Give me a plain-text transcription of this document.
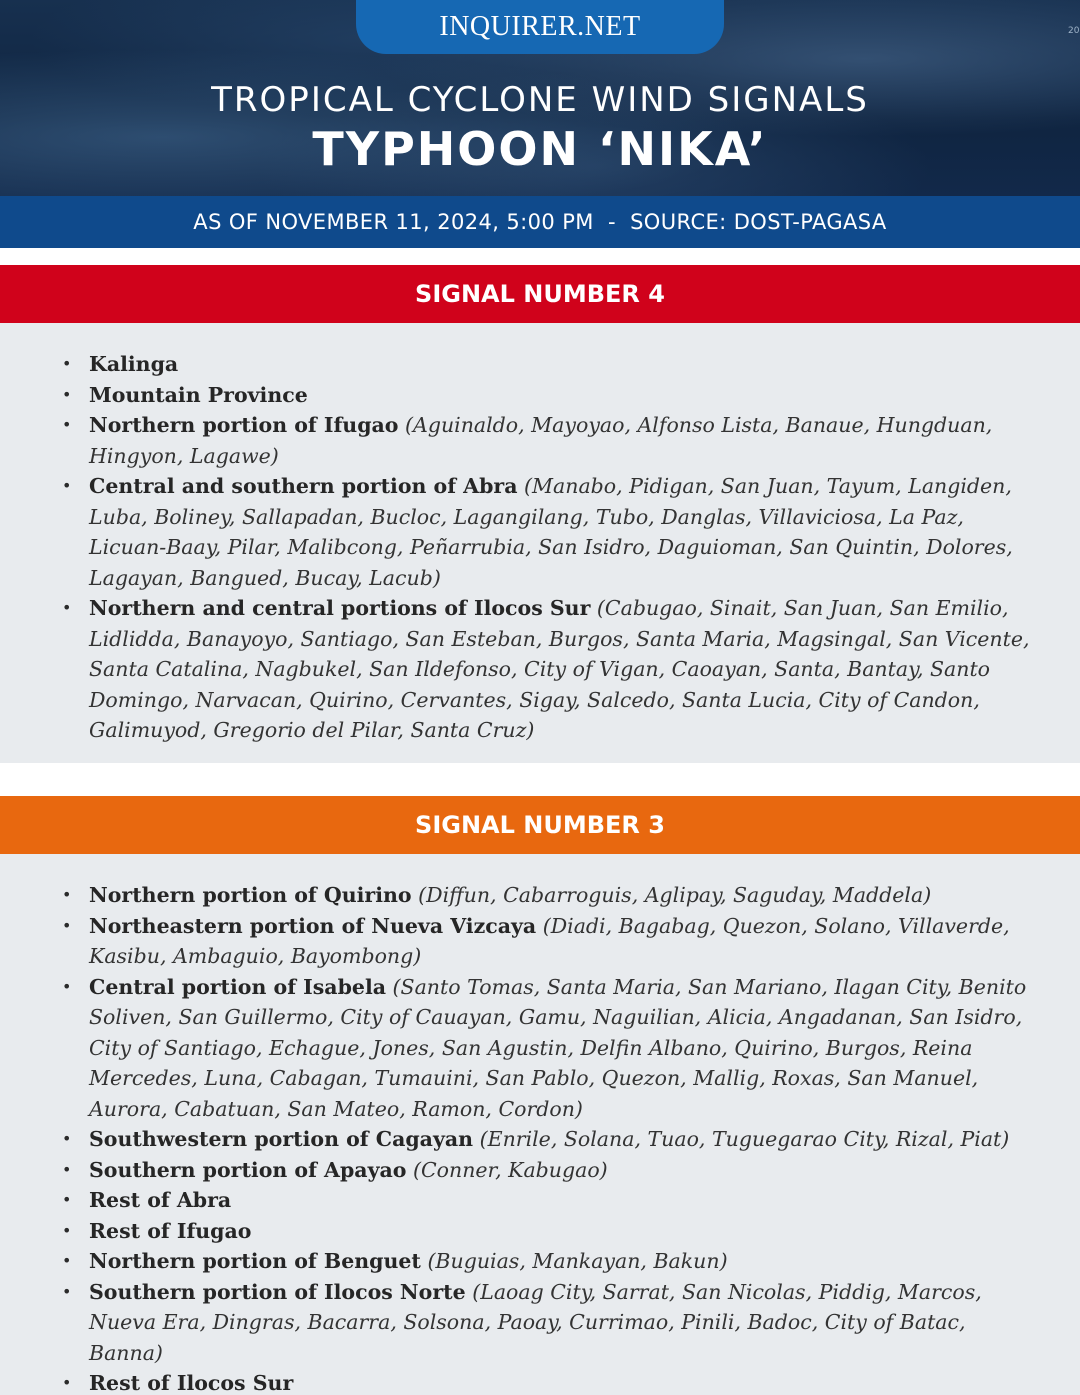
INQUIRER.NET	20
TROPICAL CYCLONE WIND SIGNALS
TYPHOON ‘NIKA’
AS OF NOVEMBER 11, 2024, 5:00 PM  -  SOURCE: DOST-PAGASA
SIGNAL NUMBER 4
• Kalinga
• Mountain Province
• Northern portion of Ifugao (Aguinaldo, Mayoyao, Alfonso Lista, Banaue, Hungduan, Hingyon, Lagawe)
• Central and southern portion of Abra (Manabo, Pidigan, San Juan, Tayum, Langiden, Luba, Boliney, Sallapadan, Bucloc, Lagangilang, Tubo, Danglas, Villaviciosa, La Paz, Licuan-Baay, Pilar, Malibcong, Peñarrubia, San Isidro, Daguioman, San Quintin, Dolores, Lagayan, Bangued, Bucay, Lacub)
• Northern and central portions of Ilocos Sur (Cabugao, Sinait, San Juan, San Emilio, Lidlidda, Banayoyo, Santiago, San Esteban, Burgos, Santa Maria, Magsingal, San Vicente, Santa Catalina, Nagbukel, San Ildefonso, City of Vigan, Caoayan, Santa, Bantay, Santo Domingo, Narvacan, Quirino, Cervantes, Sigay, Salcedo, Santa Lucia, City of Candon, Galimuyod, Gregorio del Pilar, Santa Cruz)
SIGNAL NUMBER 3
• Northern portion of Quirino (Diffun, Cabarroguis, Aglipay, Saguday, Maddela)
• Northeastern portion of Nueva Vizcaya (Diadi, Bagabag, Quezon, Solano, Villaverde, Kasibu, Ambaguio, Bayombong)
• Central portion of Isabela (Santo Tomas, Santa Maria, San Mariano, Ilagan City, Benito Soliven, San Guillermo, City of Cauayan, Gamu, Naguilian, Alicia, Angadanan, San Isidro, City of Santiago, Echague, Jones, San Agustin, Delfin Albano, Quirino, Burgos, Reina Mercedes, Luna, Cabagan, Tumauini, San Pablo, Quezon, Mallig, Roxas, San Manuel, Aurora, Cabatuan, San Mateo, Ramon, Cordon)
• Southwestern portion of Cagayan (Enrile, Solana, Tuao, Tuguegarao City, Rizal, Piat)
• Southern portion of Apayao (Conner, Kabugao)
• Rest of Abra
• Rest of Ifugao
• Northern portion of Benguet (Buguias, Mankayan, Bakun)
• Southern portion of Ilocos Norte (Laoag City, Sarrat, San Nicolas, Piddig, Marcos, Nueva Era, Dingras, Bacarra, Solsona, Paoay, Currimao, Pinili, Badoc, City of Batac, Banna)
• Rest of Ilocos Sur
